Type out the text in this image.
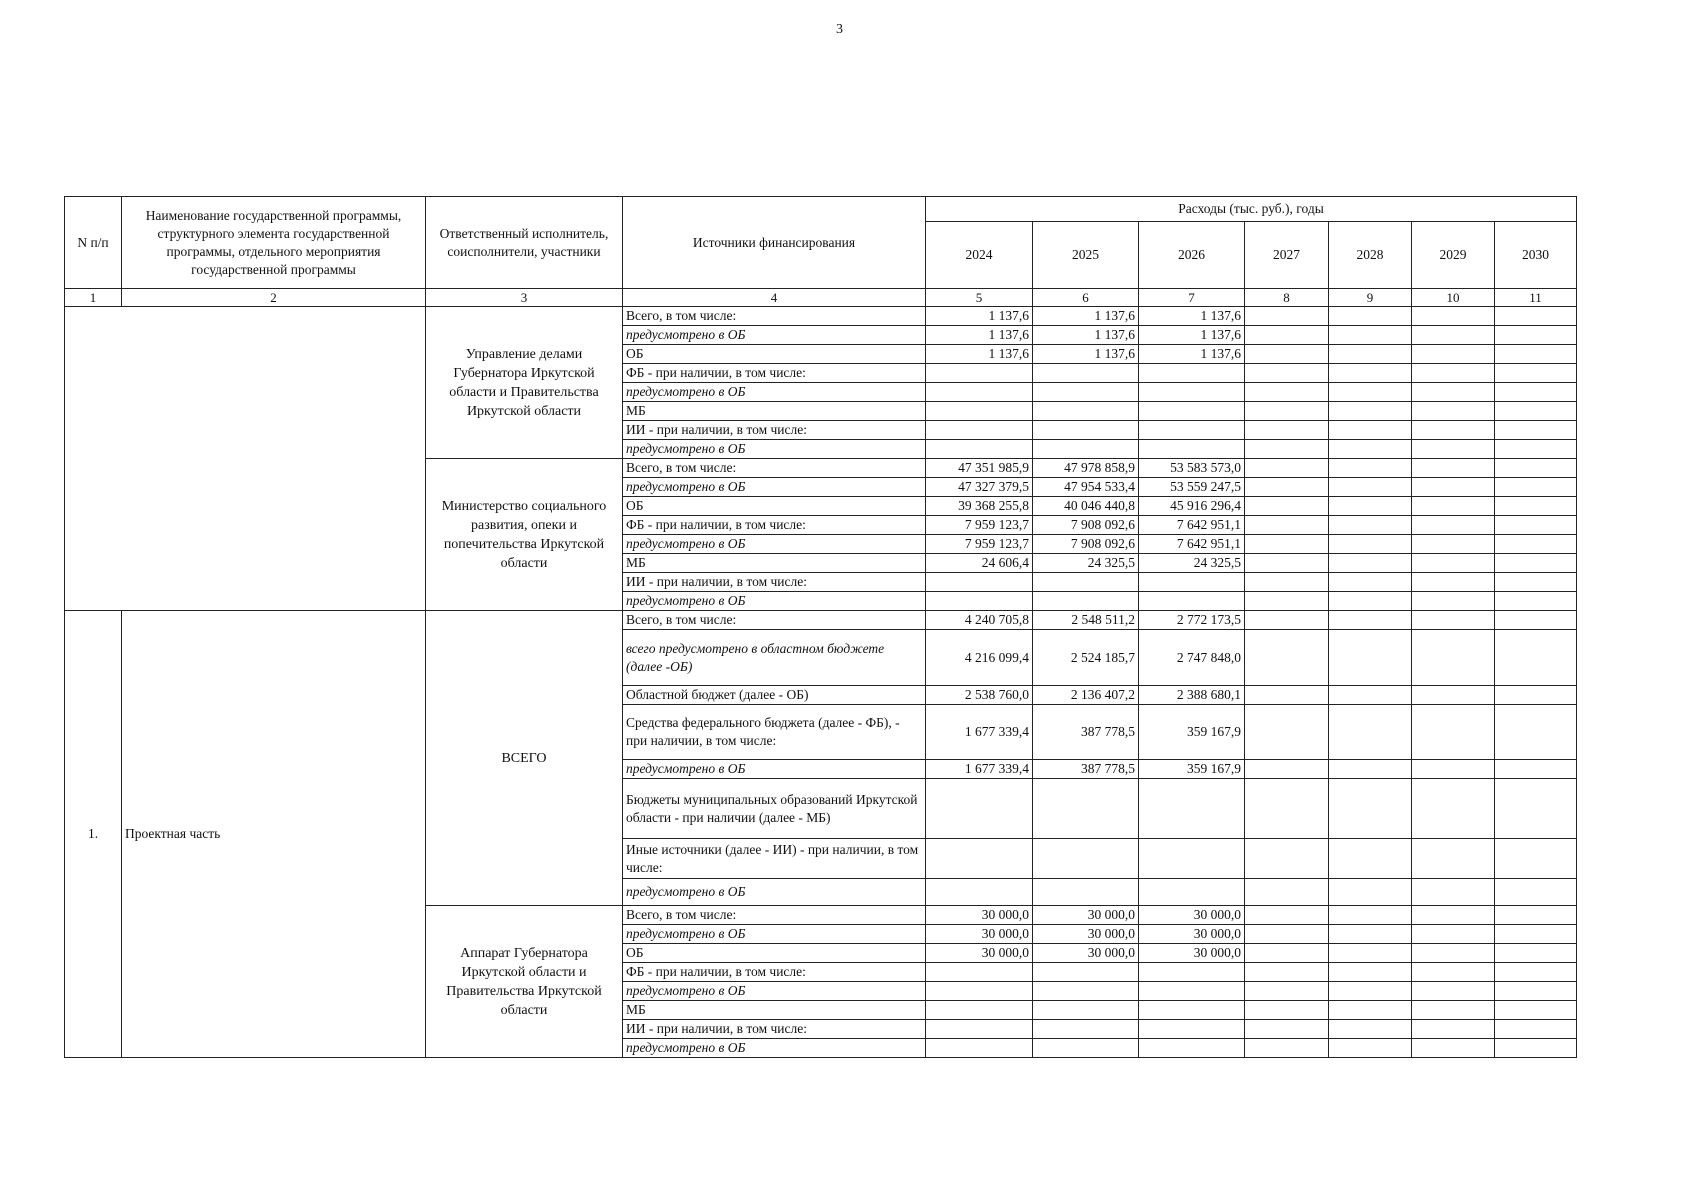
3
N п/п	Наименование государственной программы, структурного элемента государственной программы, отдельного мероприятия государственной программы	Ответственный исполнитель, соисполнители, участники	Источники финансирования	Расходы (тыс. руб.), годы						
				2024	2025	2026	2027	2028	2029	2030
1	2	3	4	5	6	7	8	9	10	11
		Управление делами Губернатора Иркутской области и Правительства Иркутской области	Всего, в том числе:	1 137,6	1 137,6	1 137,6				
			предусмотрено в ОБ	1 137,6	1 137,6	1 137,6				
			ОБ	1 137,6	1 137,6	1 137,6				
			ФБ - при наличии, в том числе:							
			предусмотрено в ОБ							
			МБ							
			ИИ - при наличии, в том числе:							
			предусмотрено в ОБ							
		Министерство социального развития, опеки и попечительства Иркутской области	Всего, в том числе:	47 351 985,9	47 978 858,9	53 583 573,0				
			предусмотрено в ОБ	47 327 379,5	47 954 533,4	53 559 247,5				
			ОБ	39 368 255,8	40 046 440,8	45 916 296,4				
			ФБ - при наличии, в том числе:	7 959 123,7	7 908 092,6	7 642 951,1				
			предусмотрено в ОБ	7 959 123,7	7 908 092,6	7 642 951,1				
			МБ	24 606,4	24 325,5	24 325,5				
			ИИ - при наличии, в том числе:							
			предусмотрено в ОБ							
1.	Проектная часть	ВСЕГО	Всего, в том числе:	4 240 705,8	2 548 511,2	2 772 173,5				
			всего предусмотрено в областном бюджете (далее -ОБ)	4 216 099,4	2 524 185,7	2 747 848,0				
			Областной бюджет (далее - ОБ)	2 538 760,0	2 136 407,2	2 388 680,1				
			Средства федерального бюджета (далее - ФБ), - при наличии, в том числе:	1 677 339,4	387 778,5	359 167,9				
			предусмотрено в ОБ	1 677 339,4	387 778,5	359 167,9				
			Бюджеты муниципальных образований Иркутской области - при наличии (далее - МБ)							
			Иные источники (далее - ИИ) - при наличии, в том числе:							
			предусмотрено в ОБ							
		Аппарат Губернатора Иркутской области и Правительства Иркутской области	Всего, в том числе:	30 000,0	30 000,0	30 000,0				
			предусмотрено в ОБ	30 000,0	30 000,0	30 000,0				
			ОБ	30 000,0	30 000,0	30 000,0				
			ФБ - при наличии, в том числе:							
			предусмотрено в ОБ							
			МБ							
			ИИ - при наличии, в том числе:							
			предусмотрено в ОБ							
